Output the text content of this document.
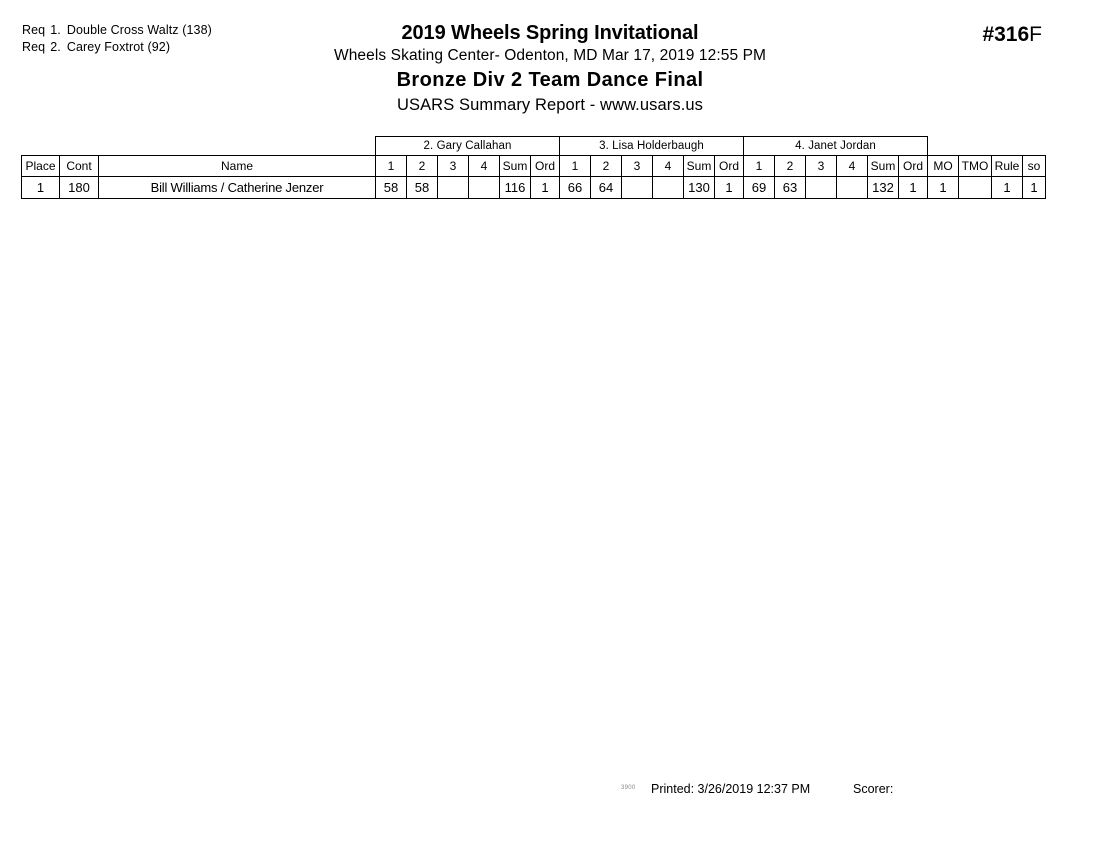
Req 1. Double Cross Waltz (138)
Req 2. Carey Foxtrot (92)
2019 Wheels Spring Invitational
Wheels Skating Center- Odenton, MD Mar 17, 2019 12:55 PM
Bronze Div 2 Team Dance Final
USARS Summary Report - www.usars.us
#316F
			2. Gary Callahan						3. Lisa Holderbaugh						4. Janet Jordan									
Place	Cont	Name	1	2	3	4	Sum	Ord	1	2	3	4	Sum	Ord	1	2	3	4	Sum	Ord	MO	TMO	Rule	so
1	180	Bill Williams / Catherine Jenzer	58	58			116	1	66	64			130	1	69	63			132	1	1		1	1
3900 Printed: 3/26/2019 12:37 PM	Scorer:
